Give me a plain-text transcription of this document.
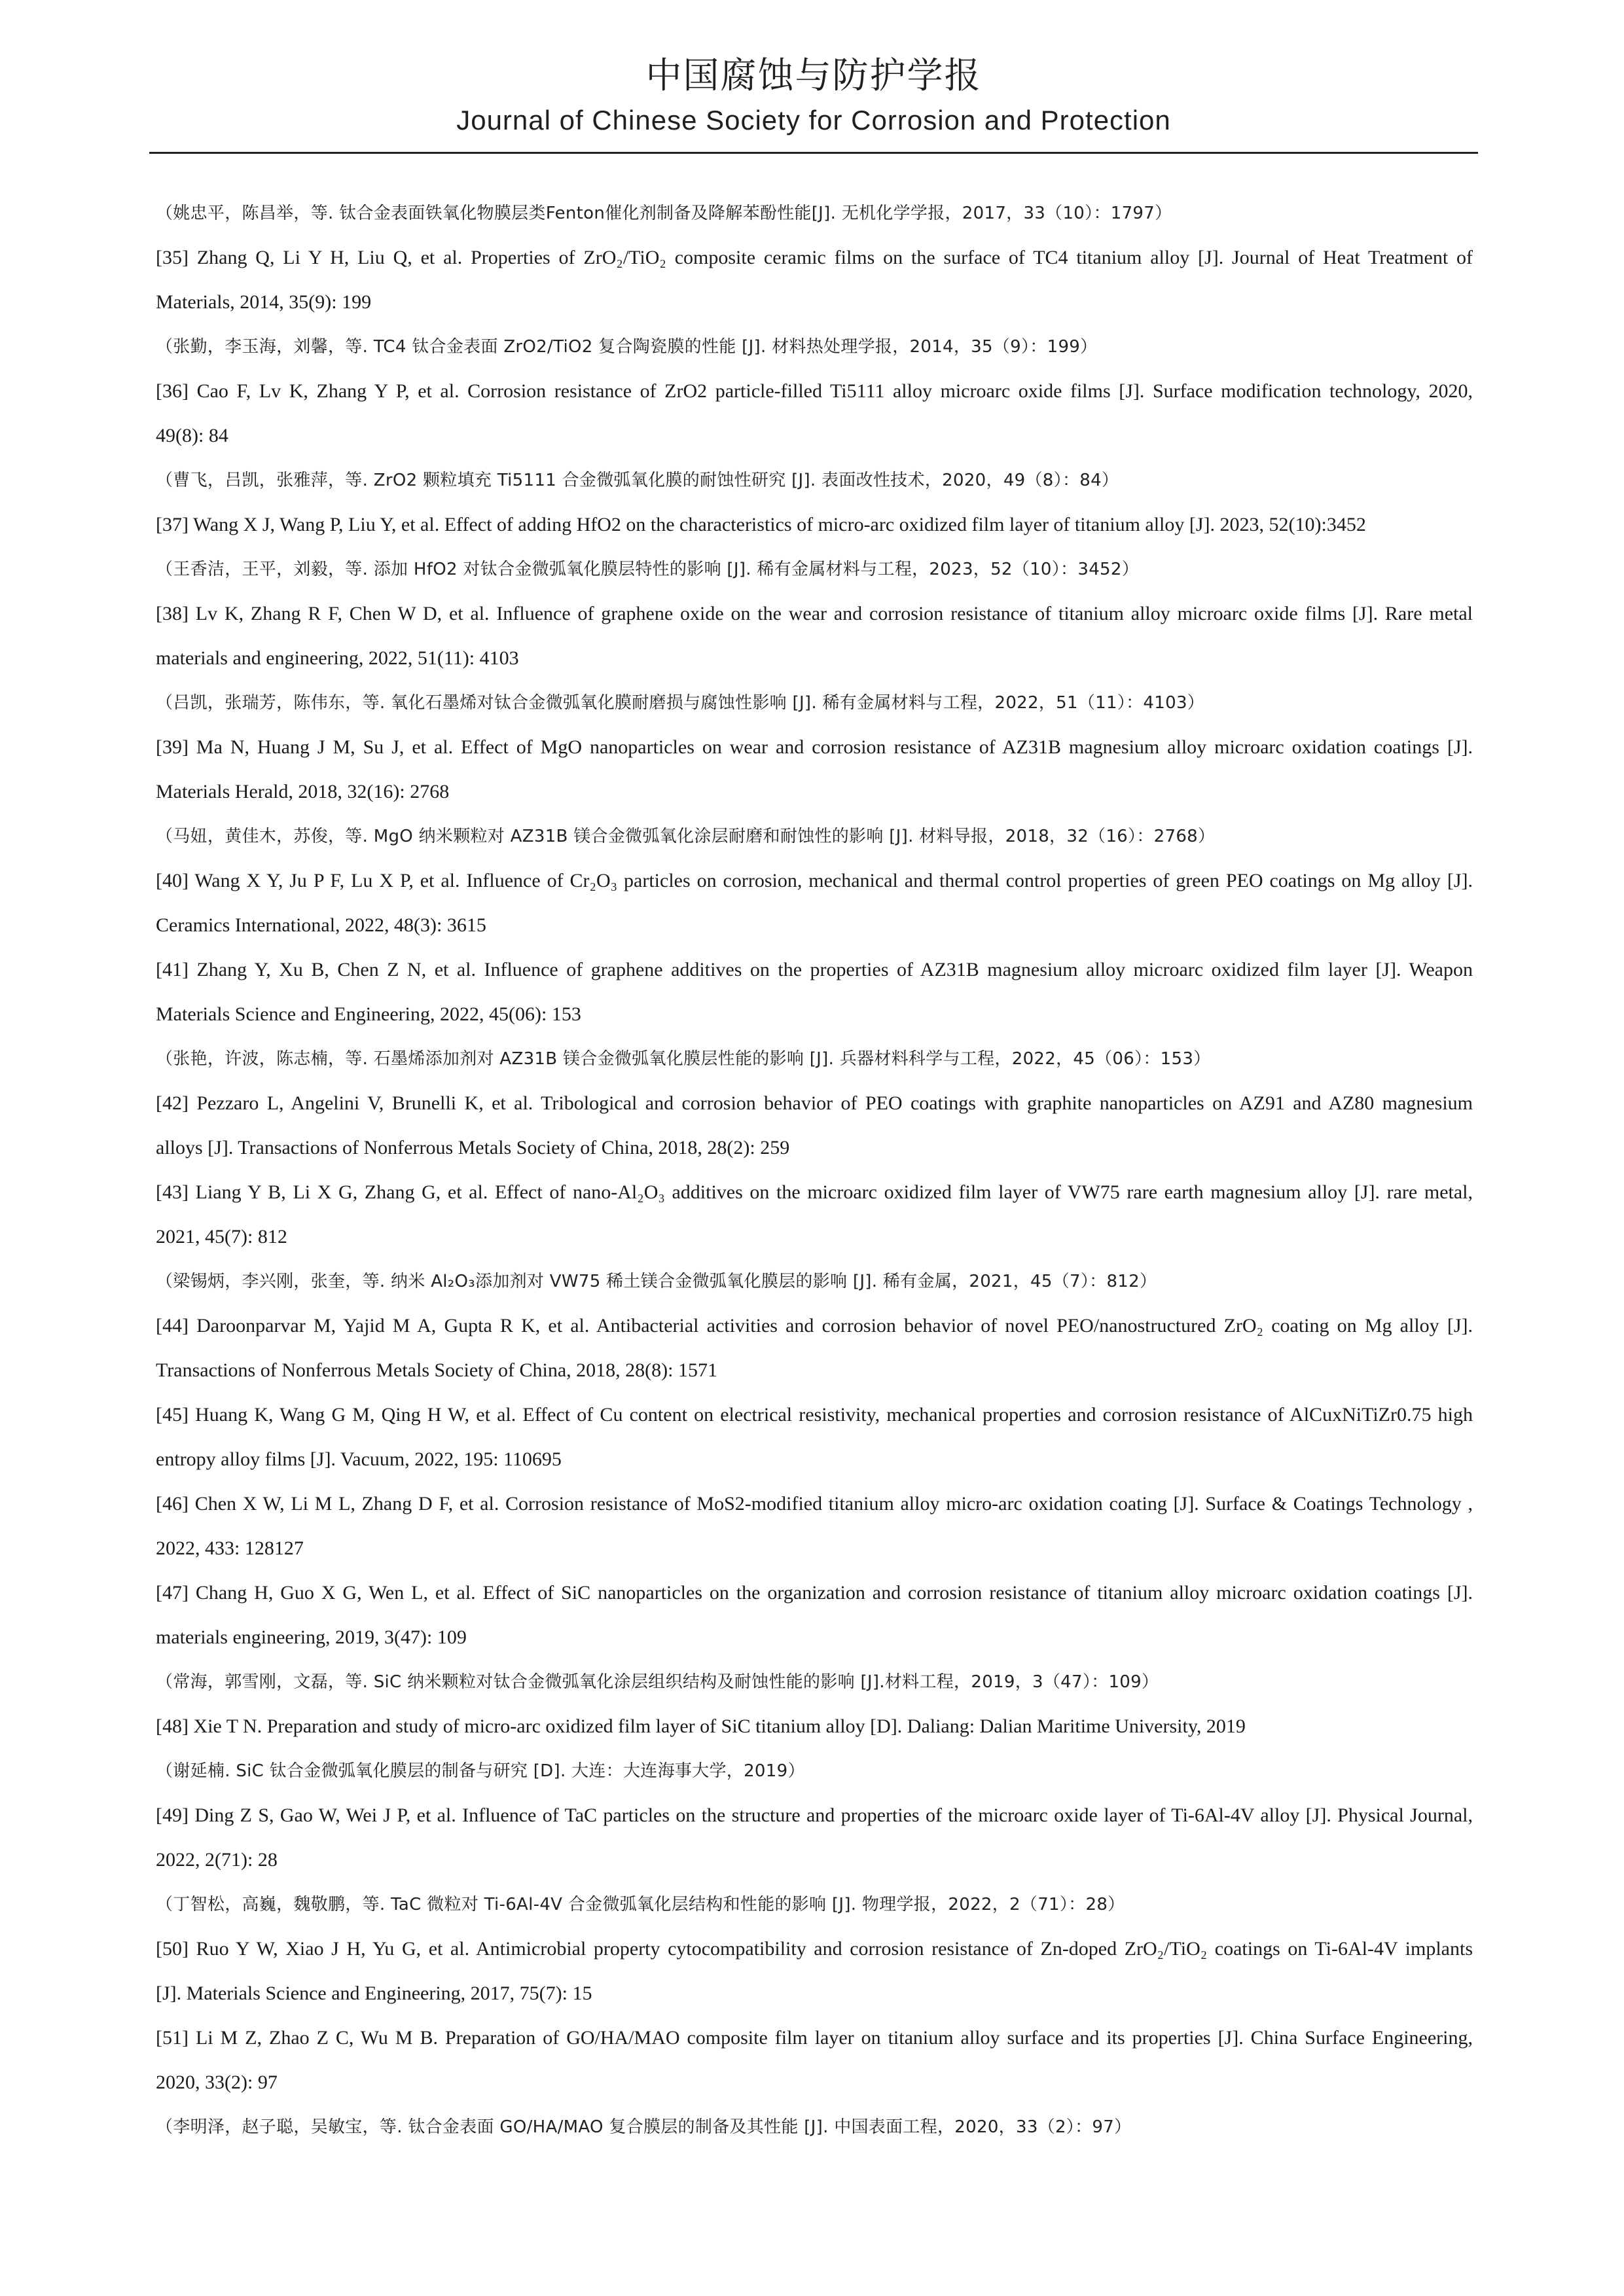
中国腐蚀与防护学报
Journal of Chinese Society for Corrosion and Protection
（姚忠平，陈昌举，等. 钛合金表面铁氧化物膜层类Fenton催化剂制备及降解苯酚性能[J]. 无机化学学报，2017，33（10）：1797）
[35] Zhang Q, Li Y H, Liu Q, et al. Properties of ZrO₂/TiO₂ composite ceramic films on the surface of TC4 titanium alloy [J]. Journal of Heat Treatment of
Materials, 2014, 35(9): 199
（张勤，李玉海，刘馨，等. TC4 钛合金表面 ZrO2/TiO2 复合陶瓷膜的性能 [J]. 材料热处理学报，2014，35（9）：199）
[36] Cao F, Lv K, Zhang Y P, et al. Corrosion resistance of ZrO2 particle-filled Ti5111 alloy microarc oxide films [J]. Surface modification technology, 2020,
49(8): 84
（曹飞，吕凯，张雅萍，等. ZrO2 颗粒填充 Ti5111 合金微弧氧化膜的耐蚀性研究 [J]. 表面改性技术，2020，49（8）：84）
[37] Wang X J, Wang P, Liu Y, et al. Effect of adding HfO2 on the characteristics of micro-arc oxidized film layer of titanium alloy [J]. 2023, 52(10):3452
（王香洁，王平，刘毅，等. 添加 HfO2 对钛合金微弧氧化膜层特性的影响 [J]. 稀有金属材料与工程，2023，52（10）：3452）
[38] Lv K, Zhang R F, Chen W D, et al. Influence of graphene oxide on the wear and corrosion resistance of titanium alloy microarc oxide films [J]. Rare metal
materials and engineering, 2022, 51(11): 4103
（吕凯，张瑞芳，陈伟东，等. 氧化石墨烯对钛合金微弧氧化膜耐磨损与腐蚀性影响 [J]. 稀有金属材料与工程，2022，51（11）：4103）
[39] Ma N, Huang J M, Su J, et al. Effect of MgO nanoparticles on wear and corrosion resistance of AZ31B magnesium alloy microarc oxidation coatings [J].
Materials Herald, 2018, 32(16): 2768
（马妞，黄佳木，苏俊，等. MgO 纳米颗粒对 AZ31B 镁合金微弧氧化涂层耐磨和耐蚀性的影响 [J]. 材料导报，2018，32（16）：2768）
[40] Wang X Y, Ju P F, Lu X P, et al. Influence of Cr₂O₃ particles on corrosion, mechanical and thermal control properties of green PEO coatings on Mg alloy [J].
Ceramics International, 2022, 48(3): 3615
[41] Zhang Y, Xu B, Chen Z N, et al. Influence of graphene additives on the properties of AZ31B magnesium alloy microarc oxidized film layer [J]. Weapon
Materials Science and Engineering, 2022, 45(06): 153
（张艳，许波，陈志楠，等. 石墨烯添加剂对 AZ31B 镁合金微弧氧化膜层性能的影响 [J]. 兵器材料科学与工程，2022，45（06）：153）
[42] Pezzaro L, Angelini V, Brunelli K, et al. Tribological and corrosion behavior of PEO coatings with graphite nanoparticles on AZ91 and AZ80 magnesium
alloys [J]. Transactions of Nonferrous Metals Society of China, 2018, 28(2): 259
[43] Liang Y B, Li X G, Zhang G, et al. Effect of nano-Al₂O₃ additives on the microarc oxidized film layer of VW75 rare earth magnesium alloy [J]. rare metal,
2021, 45(7): 812
（梁锡炳，李兴刚，张奎，等. 纳米 Al₂O₃添加剂对 VW75 稀土镁合金微弧氧化膜层的影响 [J]. 稀有金属，2021，45（7）：812）
[44] Daroonparvar M, Yajid M A, Gupta R K, et al. Antibacterial activities and corrosion behavior of novel PEO/nanostructured ZrO₂ coating on Mg alloy [J].
Transactions of Nonferrous Metals Society of China, 2018, 28(8): 1571
[45] Huang K, Wang G M, Qing H W, et al. Effect of Cu content on electrical resistivity, mechanical properties and corrosion resistance of AlCuxNiTiZr0.75 high
entropy alloy films [J]. Vacuum, 2022, 195: 110695
[46] Chen X W, Li M L, Zhang D F, et al. Corrosion resistance of MoS2-modified titanium alloy micro-arc oxidation coating [J]. Surface & Coatings Technology ,
2022, 433: 128127
[47] Chang H, Guo X G, Wen L, et al. Effect of SiC nanoparticles on the organization and corrosion resistance of titanium alloy microarc oxidation coatings [J].
materials engineering, 2019, 3(47): 109
（常海，郭雪刚，文磊，等. SiC 纳米颗粒对钛合金微弧氧化涂层组织结构及耐蚀性能的影响 [J].材料工程，2019，3（47）：109）
[48] Xie T N. Preparation and study of micro-arc oxidized film layer of SiC titanium alloy [D]. Daliang: Dalian Maritime University, 2019
（谢延楠. SiC 钛合金微弧氧化膜层的制备与研究 [D]. 大连：大连海事大学，2019）
[49] Ding Z S, Gao W, Wei J P, et al. Influence of TaC particles on the structure and properties of the microarc oxide layer of Ti-6Al-4V alloy [J]. Physical Journal,
2022, 2(71): 28
（丁智松，高巍，魏敬鹏，等. TaC 微粒对 Ti-6Al-4V 合金微弧氧化层结构和性能的影响 [J]. 物理学报，2022，2（71）：28）
[50] Ruo Y W, Xiao J H, Yu G, et al. Antimicrobial property cytocompatibility and corrosion resistance of Zn-doped ZrO₂/TiO₂ coatings on Ti-6Al-4V implants
[J]. Materials Science and Engineering, 2017, 75(7): 15
[51] Li M Z, Zhao Z C, Wu M B. Preparation of GO/HA/MAO composite film layer on titanium alloy surface and its properties [J]. China Surface Engineering,
2020, 33(2): 97
（李明泽，赵子聪，吴敏宝，等. 钛合金表面 GO/HA/MAO 复合膜层的制备及其性能 [J]. 中国表面工程，2020，33（2）：97）
